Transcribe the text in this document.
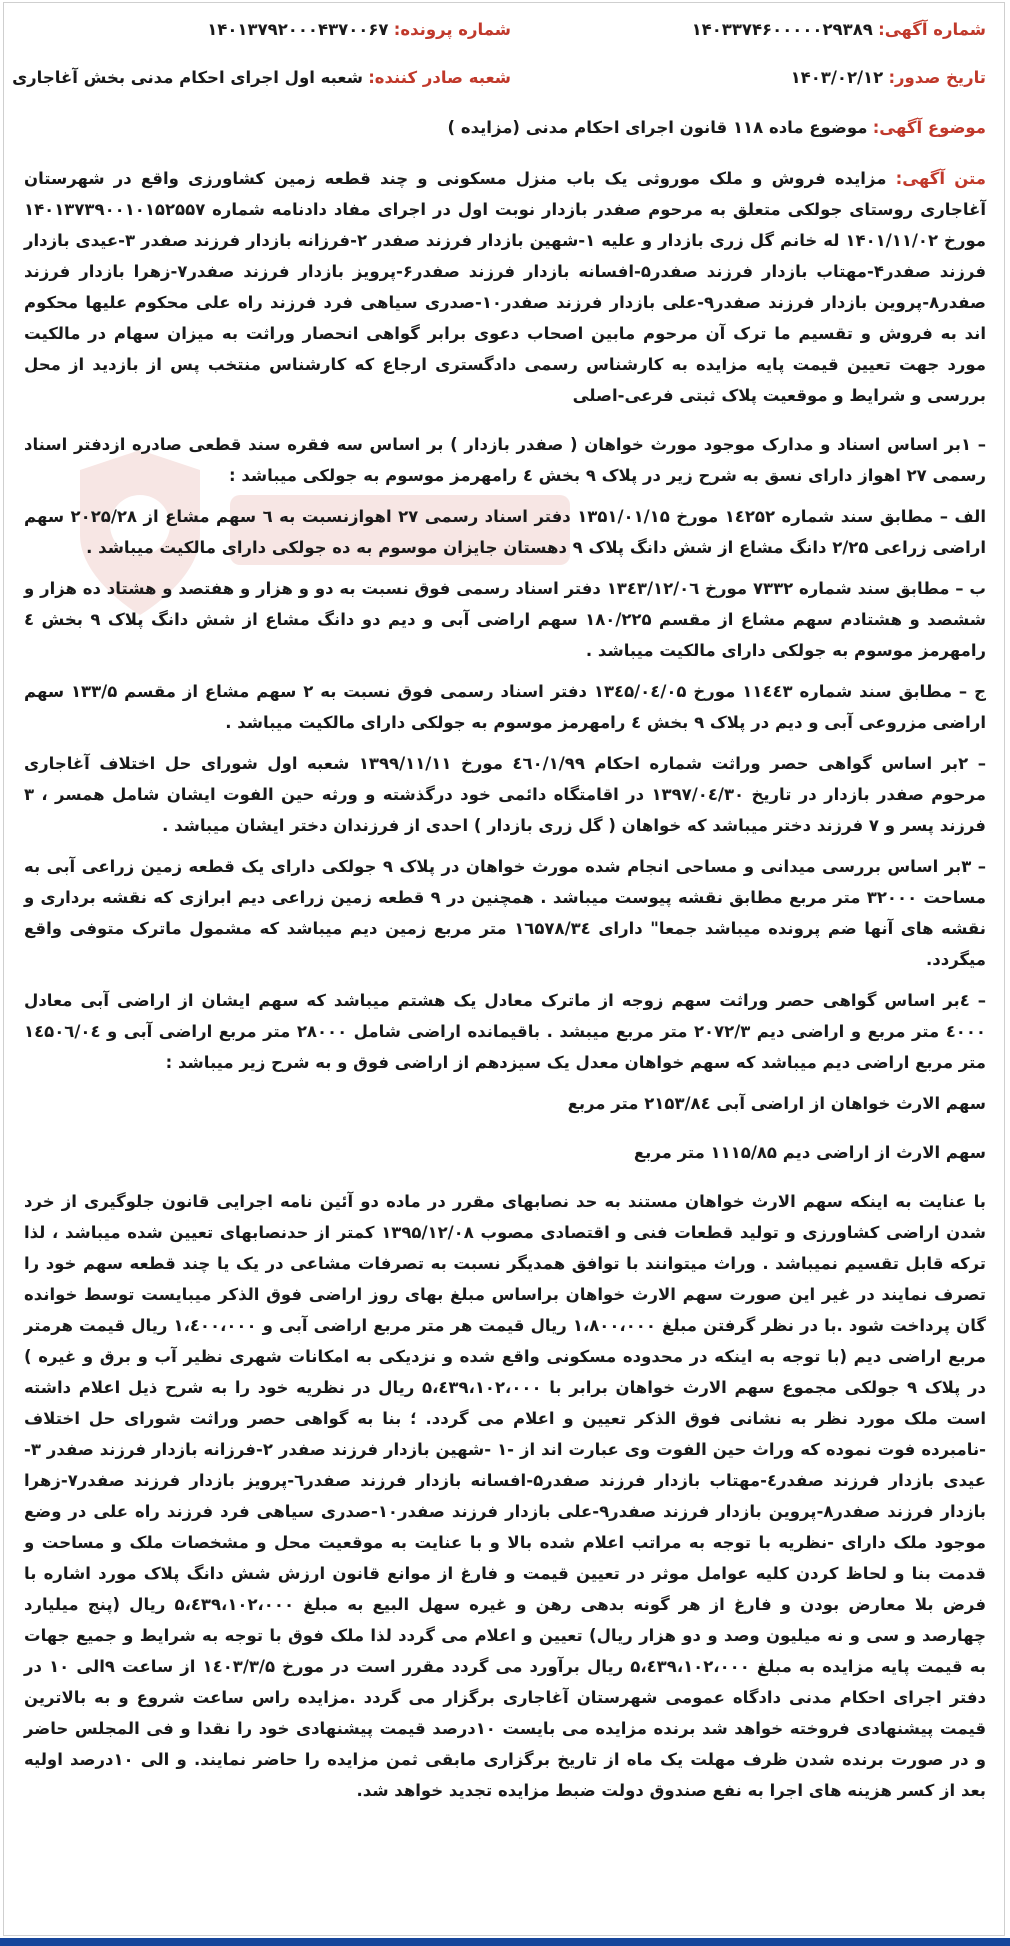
شماره آگهی: ۱۴۰۳۳۷۴۶۰۰۰۰۰۲۹۳۸۹
شماره پرونده: ۱۴۰۱۳۷۹۲۰۰۰۴۳۷۰۰۶۷
تاریخ صدور: ۱۴۰۳/۰۲/۱۲
شعبه صادر کننده: شعبه اول اجرای احکام مدنی بخش آغاجاری
موضوع آگهی: موضوع ماده ۱۱۸ قانون اجرای احکام مدنی (مزایده )

متن آگهی: مزایده فروش و ملک موروثی یک باب منزل مسکونی و چند قطعه زمین کشاورزی واقع در شهرستان آغاجاری روستای جولکی متعلق به مرحوم صفدر بازدار نوبت اول در اجرای مفاد دادنامه شماره ۱۴۰۱۳۷۳۹۰۰۱۰۱۵۲۵۵۷ مورخ ۱۴۰۱/۱۱/۰۲ له خانم گل زری بازدار و علیه ۱-شهین بازدار فرزند صفدر ۲-فرزانه بازدار فرزند صفدر ۳-عیدی بازدار فرزند صفدر۴-مهتاب بازدار فرزند صفدر۵-افسانه بازدار فرزند صفدر۶-پرویز بازدار فرزند صفدر۷-زهرا بازدار فرزند صفدر۸-پروین بازدار فرزند صفدر۹-علی بازدار فرزند صفدر۱۰-صدری سیاهی فرد فرزند راه علی محکوم علیها محکوم اند به فروش و تقسیم ما ترک آن مرحوم مابین اصحاب دعوی برابر گواهی انحصار وراثت به میزان سهام در مالکیت مورد جهت تعیین قیمت پایه مزایده به کارشناس رسمی دادگستری ارجاع که کارشناس منتخب پس از بازدید از محل بررسی و شرایط و موقعیت پلاک ثبتی فرعی-اصلی

– ۱بر اساس اسناد و مدارک موجود مورث خواهان ( صفدر بازدار ) بر اساس سه فقره سند قطعی صادره ازدفتر اسناد رسمی ۲۷ اهواز دارای نسق به شرح زیر در پلاک ۹ بخش ٤ رامهرمز موسوم به جولکی میباشد :

الف – مطابق سند شماره ۱٤۲۵۲ مورخ ۱۳۵۱/۰۱/۱۵ دفتر اسناد رسمی ۲۷ اهوازنسبت به ٦ سهم مشاع از ۲۰۲۵/۲۸ سهم اراضی زراعی ۲/۲۵ دانگ مشاع از شش دانگ پلاک ۹ دهستان جایزان موسوم به ده جولکی دارای مالکیت میباشد .

ب – مطابق سند شماره ۷۳۳۲ مورخ ۱۳٤۳/۱۲/۰٦ دفتر اسناد رسمی فوق نسبت به دو و هزار و هفتصد و هشتاد ده هزار و ششصد و هشتادم سهم مشاع از مقسم ۱۸۰/۲۲۵ سهم اراضی آبی و دیم دو دانگ مشاع از شش دانگ پلاک ۹ بخش ٤ رامهرمز موسوم به جولکی دارای مالکیت میباشد .

ج – مطابق سند شماره ۱۱٤٤۳ مورخ ۱۳٤۵/۰٤/۰۵ دفتر اسناد رسمی فوق نسبت به ۲ سهم مشاع از مقسم ۱۳۳/۵ سهم اراضی مزروعی آبی و دیم در پلاک ۹ بخش ٤ رامهرمز موسوم به جولکی دارای مالکیت میباشد .

– ۲بر اساس گواهی حصر وراثت شماره احکام ٤٦۰/۱/۹۹ مورخ ۱۳۹۹/۱۱/۱۱ شعبه اول شورای حل اختلاف آغاجاری مرحوم صفدر بازدار در تاریخ ۱۳۹۷/۰٤/۳۰ در اقامتگاه دائمی خود درگذشته و ورثه حین الفوت ایشان شامل همسر ، ۳ فرزند پسر و ۷ فرزند دختر میباشد که خواهان ( گل زری بازدار ) احدی از فرزندان دختر ایشان میباشد .

– ۳بر اساس بررسی میدانی و مساحی انجام شده مورث خواهان در پلاک ۹ جولکی دارای یک قطعه زمین زراعی آبی به مساحت ۳۲۰۰۰ متر مربع مطابق نقشه پیوست میباشد . همچنین در ۹ قطعه زمین زراعی دیم ابرازی که نقشه برداری و نقشه های آنها ضم پرونده میباشد جمعا" دارای ۱٦۵۷۸/۳٤ متر مربع زمین دیم میباشد که مشمول ماترک متوفی واقع میگردد.

– ٤بر اساس گواهی حصر وراثت سهم زوجه از ماترک معادل یک هشتم میباشد که سهم ایشان از اراضی آبی معادل ٤۰۰۰ متر مربع و اراضی دیم ۲۰۷۲/۳ متر مربع میبشد . باقیمانده اراضی شامل ۲۸۰۰۰ متر مربع اراضی آبی و ۱٤۵۰٦/۰٤ متر مربع اراضی دیم میباشد که سهم خواهان معدل یک سیزدهم از اراضی فوق و به شرح زیر میباشد :

سهم الارث خواهان از اراضی آبی ۲۱۵۳/۸٤ متر مربع

سهم الارث از اراضی دیم ۱۱۱۵/۸۵ متر مربع

با عنایت به اینکه سهم الارث خواهان مستند به حد نصابهای مقرر در ماده دو آئین نامه اجرایی قانون جلوگیری از خرد شدن اراضی کشاورزی و تولید قطعات فنی و اقتصادی مصوب ۱۳۹۵/۱۲/۰۸ کمتر از حدنصابهای تعیین شده میباشد ، لذا ترکه قابل تقسیم نمیباشد . وراث میتوانند با توافق همدیگر نسبت به تصرفات مشاعی در یک یا چند قطعه سهم خود را تصرف نمایند در غیر این صورت سهم الارث خواهان براساس مبلغ بهای روز اراضی فوق الذکر میبایست توسط خوانده گان پرداخت شود .با در نظر گرفتن مبلغ ۱،۸۰۰،۰۰۰ ریال قیمت هر متر مربع اراضی آبی و ۱،٤۰۰،۰۰۰ ریال قیمت هرمتر مربع اراضی دیم (با توجه به اینکه در محدوده مسکونی واقع شده و نزدیکی به امکانات شهری نظیر آب و برق و غیره ) در پلاک ۹ جولکی مجموع سهم الارث خواهان برابر با ۵،٤۳۹،۱۰۲،۰۰۰ ریال در نظریه خود را به شرح ذیل اعلام داشته است ملک مورد نظر به نشانی فوق الذکر تعیین و اعلام می گردد. ؛ بنا به گواهی حصر وراثت شورای حل اختلاف -نامبرده فوت نموده که وراث حین الفوت وی عبارت اند از -۱ -شهین بازدار فرزند صفدر ۲-فرزانه بازدار فرزند صفدر ۳-عیدی بازدار فرزند صفدر٤-مهتاب بازدار فرزند صفدر۵-افسانه بازدار فرزند صفدر٦-پرویز بازدار فرزند صفدر۷-زهرا بازدار فرزند صفدر۸-پروین بازدار فرزند صفدر۹-علی بازدار فرزند صفدر۱۰-صدری سیاهی فرد فرزند راه علی در وضع موجود ملک دارای -نظریه با توجه به مراتب اعلام شده بالا و با عنایت به موقعیت محل و مشخصات ملک و مساحت و قدمت بنا و لحاظ کردن کلیه عوامل موثر در تعیین قیمت و فارغ از موانع قانون ارزش شش دانگ پلاک مورد اشاره با فرض بلا معارض بودن و فارغ از هر گونه بدهی رهن و غیره سهل البیع به مبلغ ۵،٤۳۹،۱۰۲،۰۰۰ ریال (پنج میلیارد چهارصد و سی و نه میلیون وصد و دو هزار ریال) تعیین و اعلام می گردد لذا ملک فوق با توجه به شرایط و جمیع جهات به قیمت پایه مزایده به مبلغ ۵،٤۳۹،۱۰۲،۰۰۰ ریال برآورد می گردد مقرر است در مورخ ۱٤۰۳/۳/۵ از ساعت ۹الی ۱۰ در دفتر اجرای احکام مدنی دادگاه عمومی شهرستان آغاجاری برگزار می گردد .مزایده راس ساعت شروع و به بالاترین قیمت پیشنهادی فروخته خواهد شد برنده مزایده می بایست ۱۰درصد قیمت پیشنهادی خود را نقدا و فی المجلس حاضر و در صورت برنده شدن ظرف مهلت یک ماه از تاریخ برگزاری مابقی ثمن مزایده را حاضر نمایند. و الی ۱۰درصد اولیه بعد از کسر هزینه های اجرا به نفع صندوق دولت ضبط مزایده تجدید خواهد شد.
